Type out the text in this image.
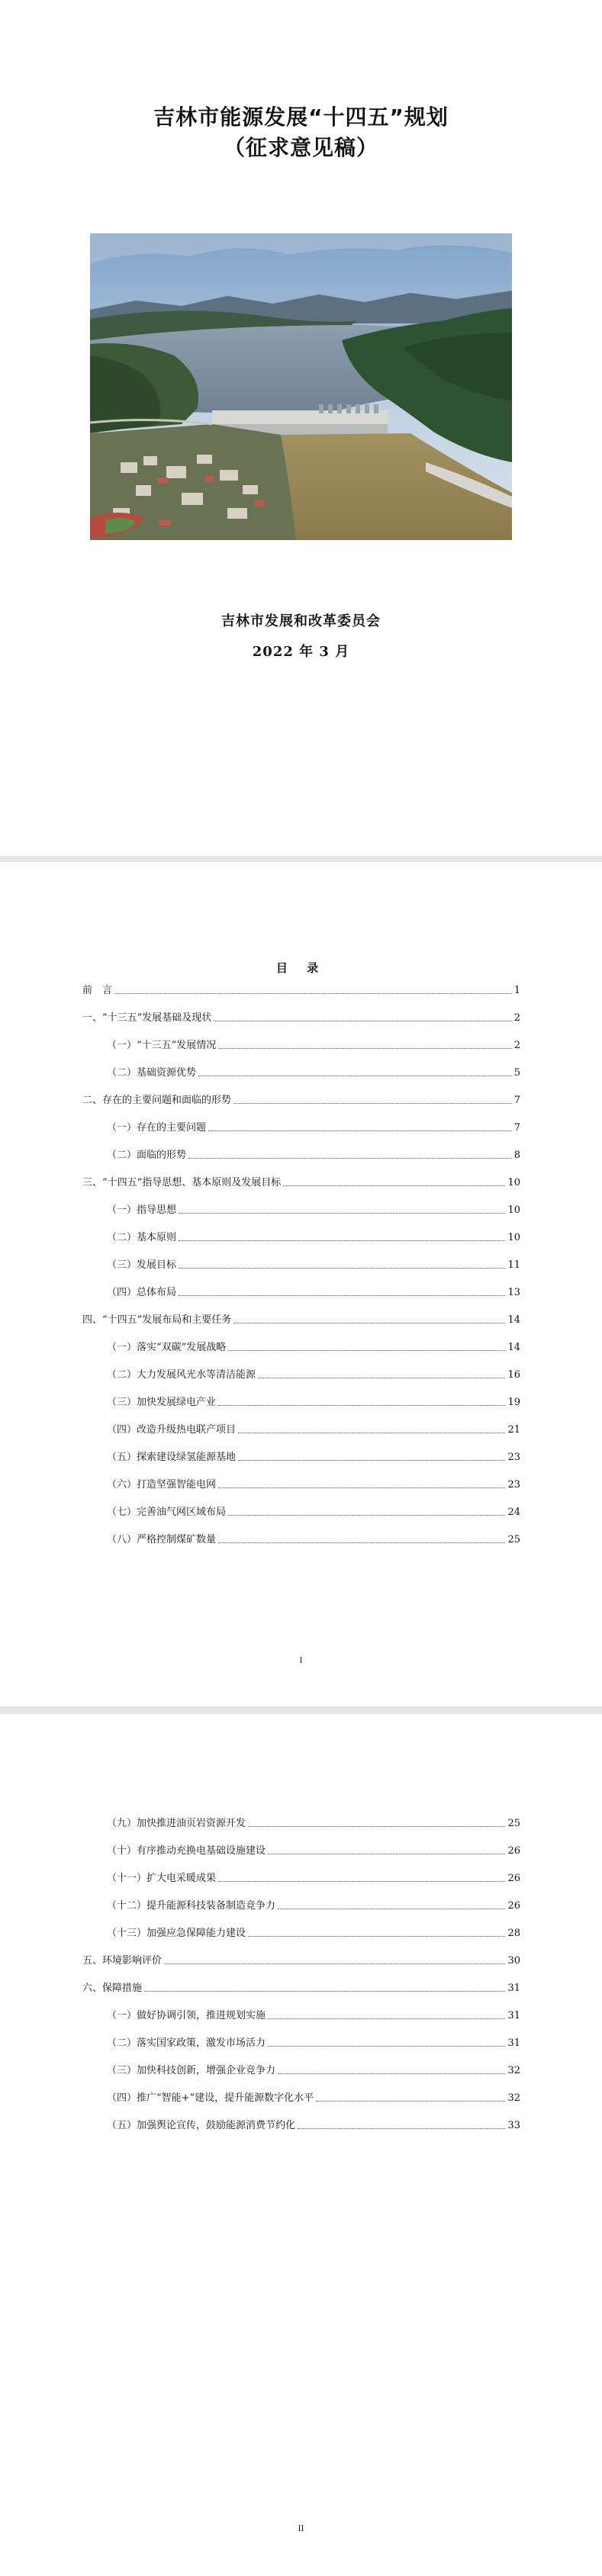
吉林市能源发展“十四五”规划
（征求意见稿）
吉林市发展和改革委员会
2022 年 3 月
目 录
前　言	1
一、“十三五”发展基础及现状	2
（一）“十三五”发展情况	2
（二）基础资源优势	5
二、存在的主要问题和面临的形势	7
（一）存在的主要问题	7
（二）面临的形势	8
三、“十四五”指导思想、基本原则及发展目标	10
（一）指导思想	10
（二）基本原则	10
（三）发展目标	11
（四）总体布局	13
四、“十四五”发展布局和主要任务	14
（一）落实“双碳”发展战略	14
（二）大力发展风光水等清洁能源	16
（三）加快发展绿电产业	19
（四）改造升级热电联产项目	21
（五）探索建设绿氢能源基地	23
（六）打造坚强智能电网	23
（七）完善油气网区域布局	24
（八）严格控制煤矿数量	25
I
（九）加快推进油页岩资源开发	25
（十）有序推动充换电基础设施建设	26
（十一）扩大电采暖成果	26
（十二）提升能源科技装备制造竞争力	26
（十三）加强应急保障能力建设	28
五、环境影响评价	30
六、保障措施	31
（一）做好协调引领，推进规划实施	31
（二）落实国家政策，激发市场活力	31
（三）加快科技创新，增强企业竞争力	32
（四）推广“智能+”建设，提升能源数字化水平	32
（五）加强舆论宣传，鼓励能源消费节约化	33
II
